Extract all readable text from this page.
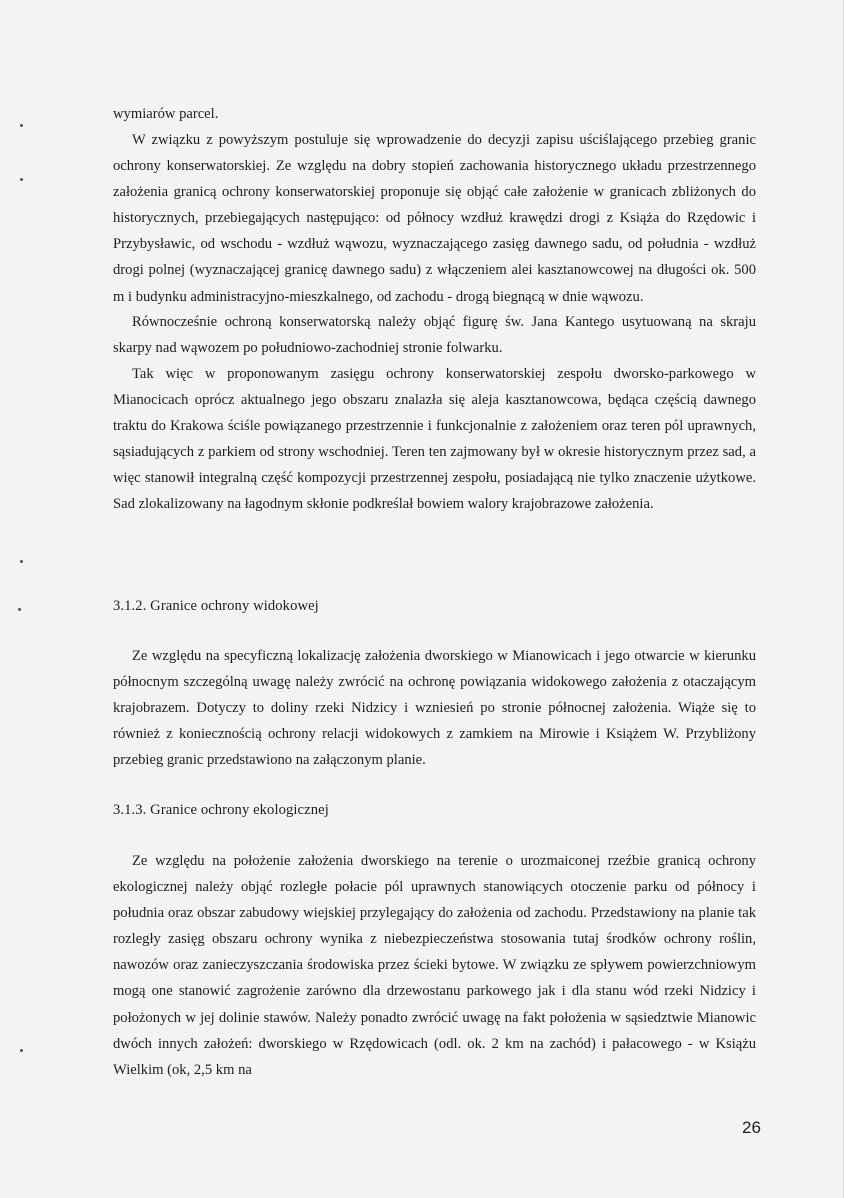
wymiarów parcel.

W związku z powyższym postuluje się wprowadzenie do decyzji zapisu uściślającego przebieg granic ochrony konserwatorskiej. Ze względu na dobry stopień zachowania historycznego układu przestrzennego założenia granicą ochrony konserwatorskiej proponuje się objąć całe założenie w granicach zbliżonych do historycznych, przebiegających następująco: od północy wzdłuż krawędzi drogi z Książa do Rzędowic i Przybysławic, od wschodu - wzdłuż wąwozu, wyznaczającego zasięg dawnego sadu, od południa - wzdłuż drogi polnej (wyznaczającej granicę dawnego sadu) z włączeniem alei kasztanowcowej na długości ok. 500 m i budynku administracyjno-mieszkalnego, od zachodu - drogą biegnącą w dnie wąwozu.

Równocześnie ochroną konserwatorską należy objąć figurę św. Jana Kantego usytuowaną na skraju skarpy nad wąwozem po południowo-zachodniej stronie folwarku.

Tak więc w proponowanym zasięgu ochrony konserwatorskiej zespołu dworsko-parkowego w Mianocicach oprócz aktualnego jego obszaru znalazła się aleja kasztanowcowa, będąca częścią dawnego traktu do Krakowa ściśle powiązanego przestrzennie i funkcjonalnie z założeniem oraz teren pól uprawnych, sąsiadujących z parkiem od strony wschodniej. Teren ten zajmowany był w okresie historycznym przez sad, a więc stanowił integralną część kompozycji przestrzennej zespołu, posiadającą nie tylko znaczenie użytkowe. Sad zlokalizowany na łagodnym skłonie podkreślał bowiem walory krajobrazowe założenia.

3.1.2. Granice ochrony widokowej

Ze względu na specyficzną lokalizację założenia dworskiego w Mianowicach i jego otwarcie w kierunku północnym szczególną uwagę należy zwrócić na ochronę powiązania widokowego założenia z otaczającym krajobrazem. Dotyczy to doliny rzeki Nidzicy i wzniesień po stronie północnej założenia. Wiąże się to również z koniecznością ochrony relacji widokowych z zamkiem na Mirowie i Książem W. Przybliżony przebieg granic przedstawiono na załączonym planie.

3.1.3. Granice ochrony ekologicznej

Ze względu na położenie założenia dworskiego na terenie o urozmaiconej rzeźbie granicą ochrony ekologicznej należy objąć rozległe połacie pól uprawnych stanowiących otoczenie parku od północy i południa oraz obszar zabudowy wiejskiej przylegający do założenia od zachodu. Przedstawiony na planie tak rozległy zasięg obszaru ochrony wynika z niebezpieczeństwa stosowania tutaj środków ochrony roślin, nawozów oraz zanieczyszczania środowiska przez ścieki bytowe. W związku ze spływem powierzchniowym mogą one stanowić zagrożenie zarówno dla drzewostanu parkowego jak i dla stanu wód rzeki Nidzicy i położonych w jej dolinie stawów. Należy ponadto zwrócić uwagę na fakt położenia w sąsiedztwie Mianowic dwóch innych założeń: dworskiego w Rzędowicach (odl. ok. 2 km na zachód) i pałacowego - w Książu Wielkim (ok, 2,5 km na

26
